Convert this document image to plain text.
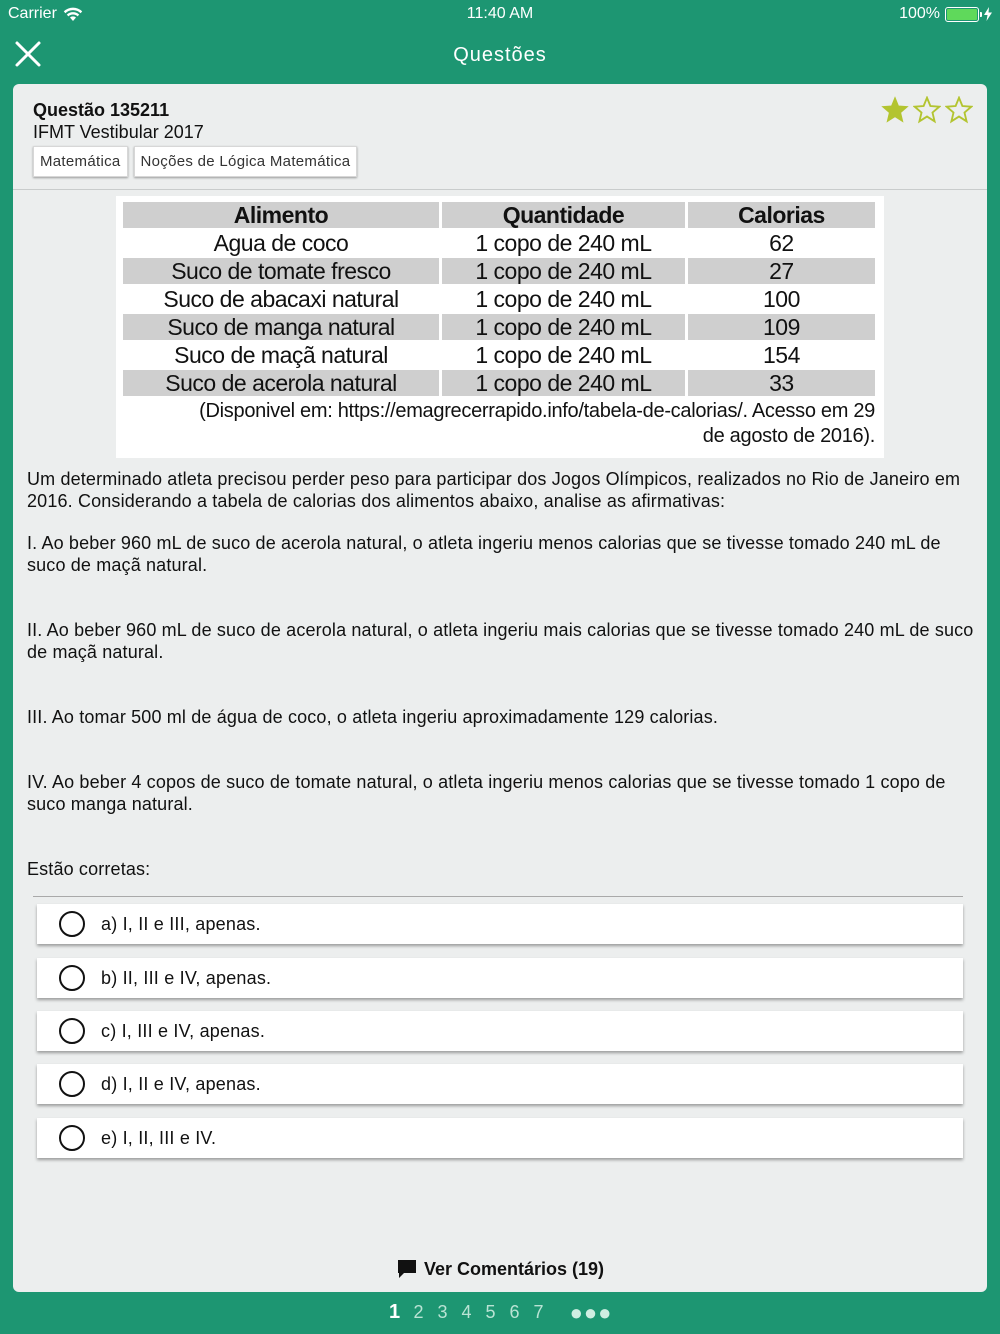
Carrier	11:40 AM	100%
Questões
Questão 135211
IFMT Vestibular 2017
Matemática	Noções de Lógica Matemática
Alimento	Quantidade	Calorias
Agua de coco	1 copo de 240 mL	62
Suco de tomate fresco	1 copo de 240 mL	27
Suco de abacaxi natural	1 copo de 240 mL	100
Suco de manga natural	1 copo de 240 mL	109
Suco de maçã natural	1 copo de 240 mL	154
Suco de acerola natural	1 copo de 240 mL	33

(Disponivel em: https://emagrecerrapido.info/tabela-de-calorias/. Acesso em 29
de agosto de 2016).		

Um determinado atleta precisou perder peso para participar dos Jogos Olímpicos, realizados no Rio de Janeiro em 2016. Considerando a tabela de calorias dos alimentos abaixo, analise as afirmativas:

I. Ao beber 960 mL de suco de acerola natural, o atleta ingeriu menos calorias que se tivesse tomado 240 mL de suco de maçã natural.

II. Ao beber 960 mL de suco de acerola natural, o atleta ingeriu mais calorias que se tivesse tomado 240 mL de suco de maçã natural.

III. Ao tomar 500 ml de água de coco, o atleta ingeriu aproximadamente 129 calorias.

IV. Ao beber 4 copos de suco de tomate natural, o atleta ingeriu menos calorias que se tivesse tomado 1 copo de suco manga natural.

Estão corretas:

a) I, II e III, apenas.
b) II, III e IV, apenas.
c) I, III e IV, apenas.
d) I, II e IV, apenas.
e) I, II, III e IV.
Ver Comentários (19)
1 2 3 4 5 6 7 ●●●
